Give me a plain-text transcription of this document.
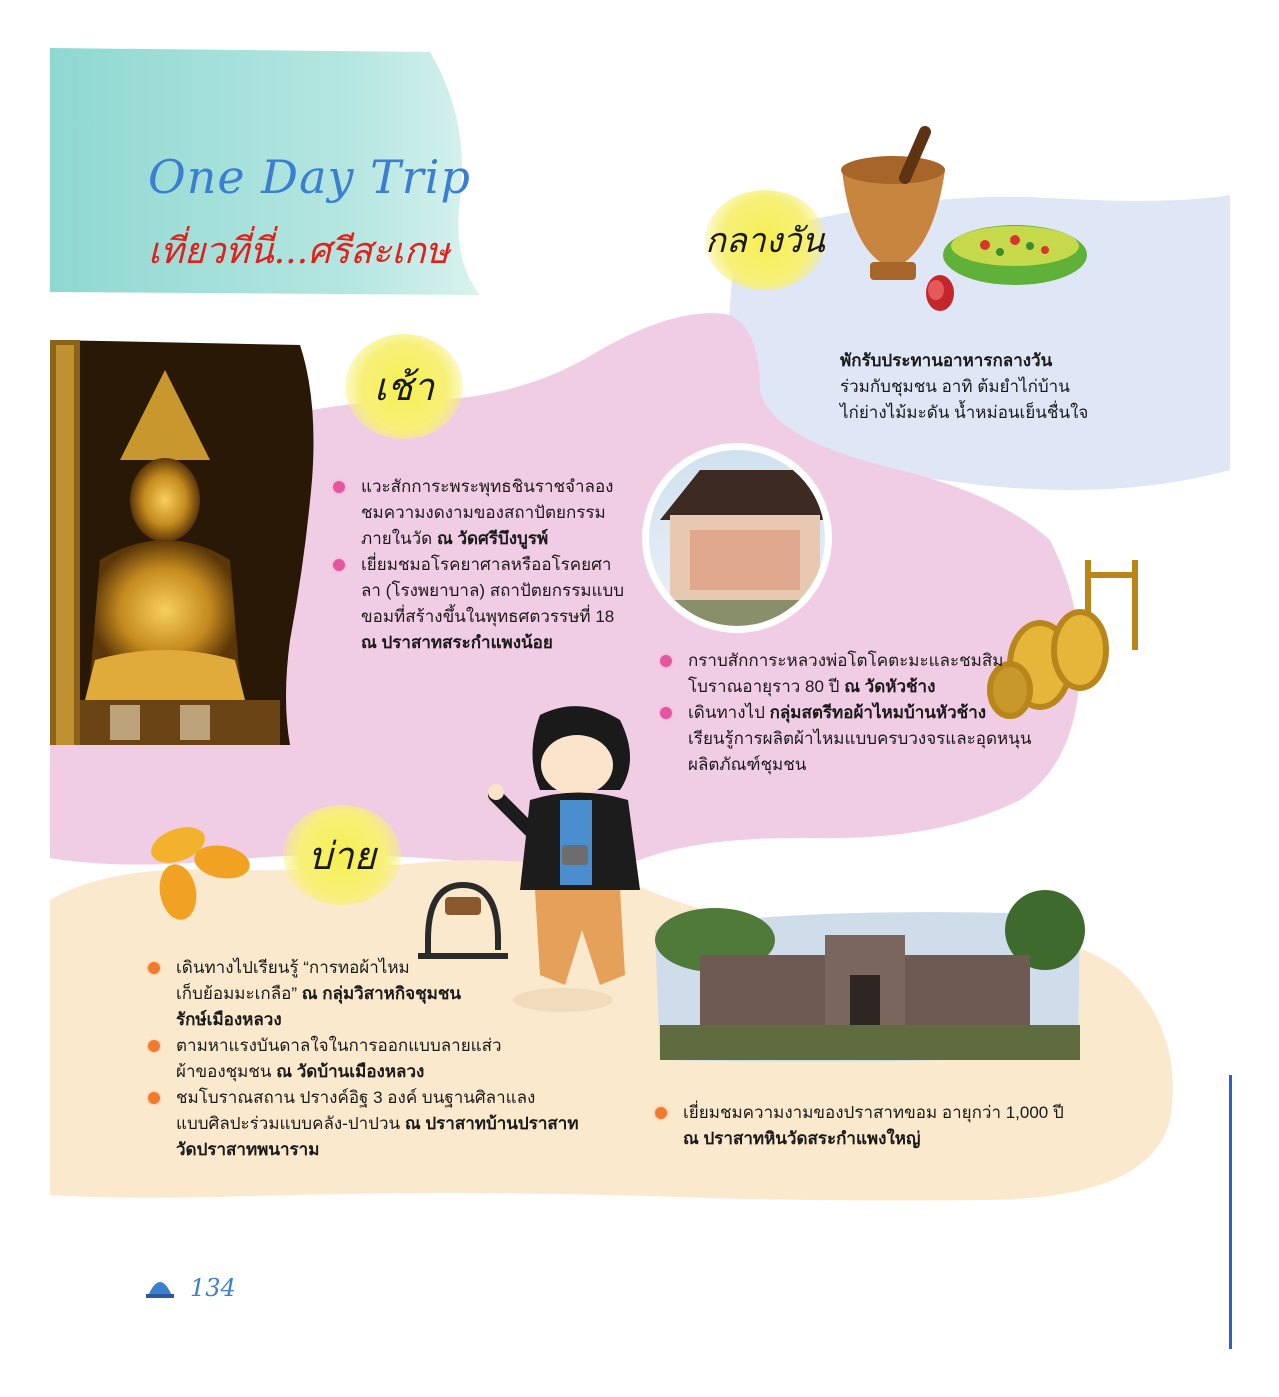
One Day Trip
เที่ยวที่นี่...ศรีสะเกษ	กลางวัน
เช้า
บ่าย
พักรับประทานอาหารกลางวัน
ร่วมกับชุมชน อาทิ ต้มยำไก่บ้าน
ไก่ย่างไม้มะดัน น้ำหม่อนเย็นชื่นใจ
แวะสักการะพระพุทธชินราชจำลอง
ชมความงดงามของสถาปัตยกรรม
ภายในวัด ณ วัดศรีบึงบูรพ์
เยี่ยมชมอโรคยาศาลหรืออโรคยศา
ลา (โรงพยาบาล) สถาปัตยกรรมแบบ
ขอมที่สร้างขึ้นในพุทธศตวรรษที่ 18
ณ ปราสาทสระกำแพงน้อย
กราบสักการะหลวงพ่อโตโคตะมะและชมสิม
โบราณอายุราว 80 ปี ณ วัดหัวช้าง
เดินทางไป กลุ่มสตรีทอผ้าไหมบ้านหัวช้าง
เรียนรู้การผลิตผ้าไหมแบบครบวงจรและอุดหนุน
ผลิตภัณฑ์ชุมชน
เดินทางไปเรียนรู้ “การทอผ้าไหม
เก็บย้อมมะเกลือ” ณ กลุ่มวิสาหกิจชุมชน
รักษ์เมืองหลวง
ตามหาแรงบันดาลใจในการออกแบบลายแส่ว
ผ้าของชุมชน ณ วัดบ้านเมืองหลวง
ชมโบราณสถาน ปรางค์อิฐ 3 องค์ บนฐานศิลาแลง
แบบศิลปะร่วมแบบคลัง-ปาปวน ณ ปราสาทบ้านปราสาท
วัดปราสาทพนาราม
เยี่ยมชมความงามของปราสาทขอม อายุกว่า 1,000 ปี
ณ ปราสาทหินวัดสระกำแพงใหญ่
134
